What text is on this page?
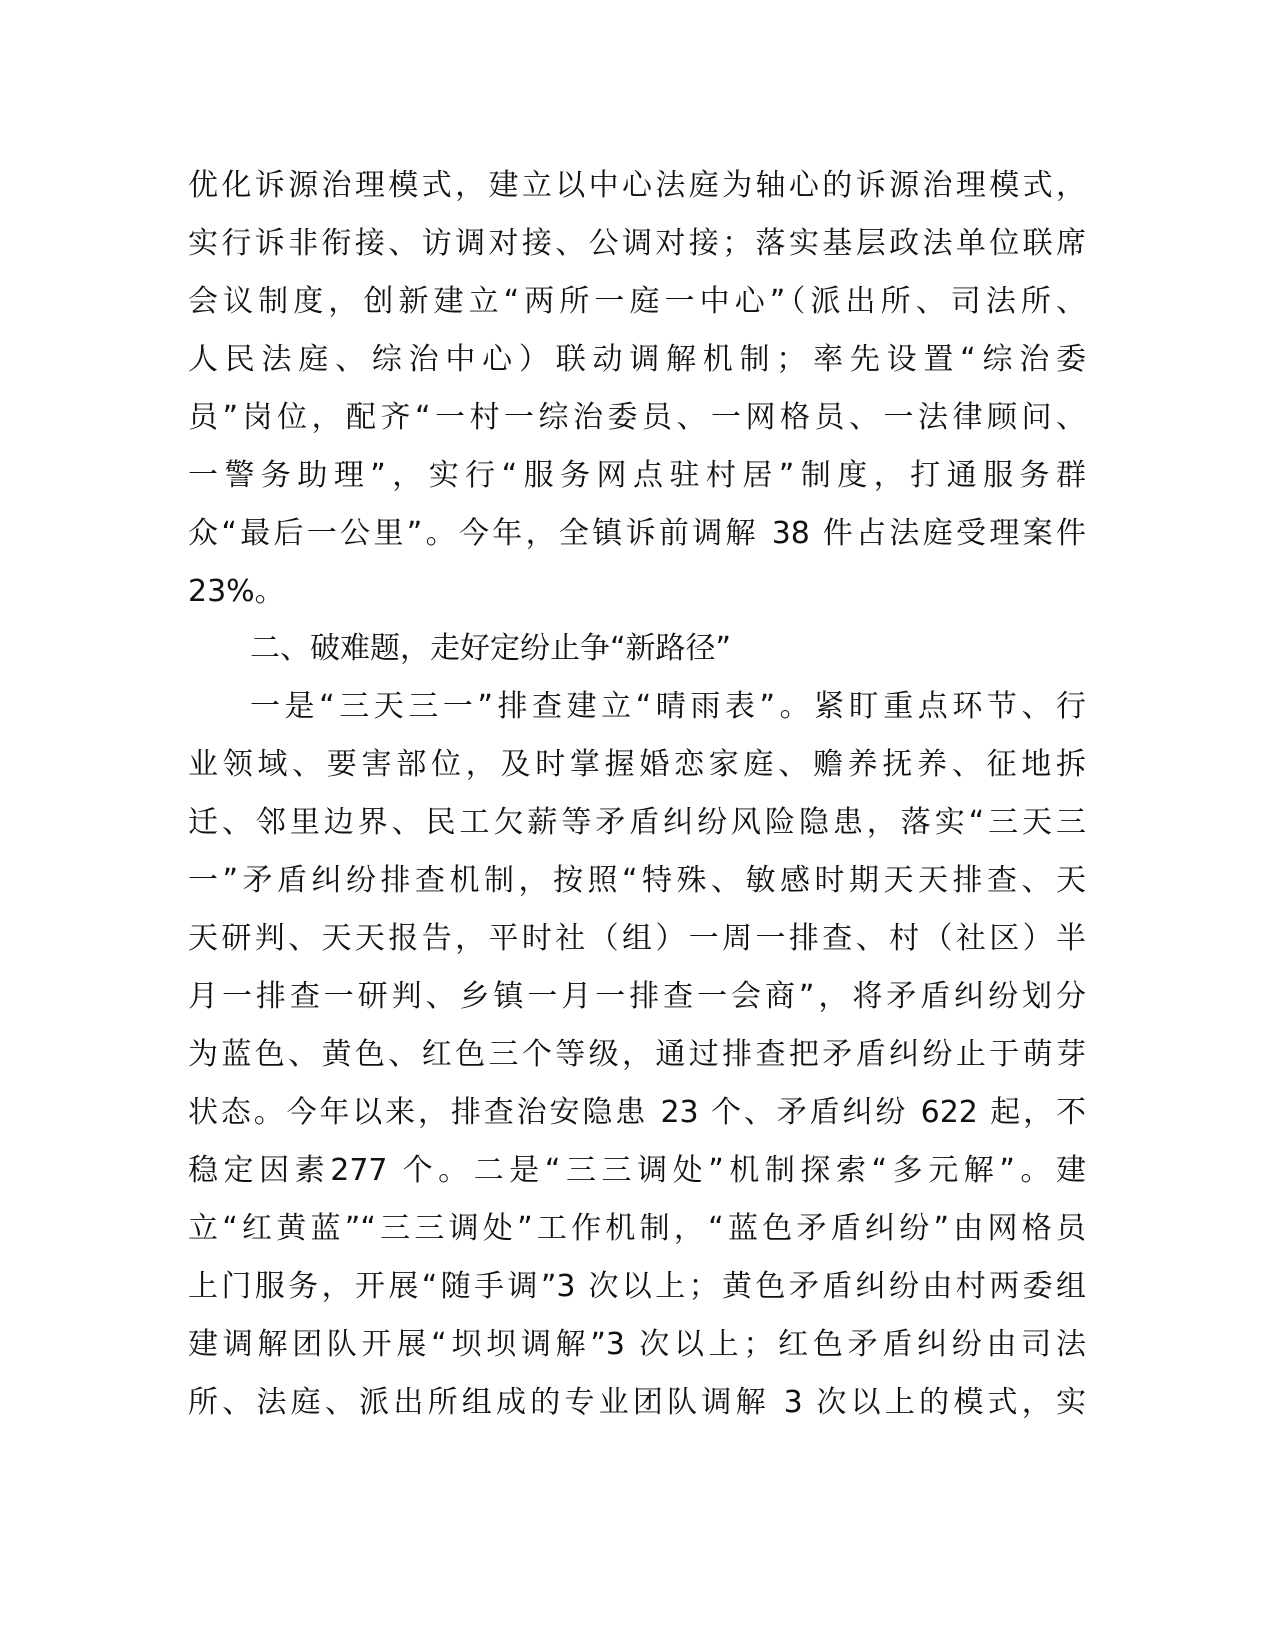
优化诉源治理模式，建立以中心法庭为轴心的诉源治理模式，
实行诉非衔接、访调对接、公调对接；落实基层政法单位联席
会议制度，创新建立“两所一庭一中心”（派出所、司法所、
人民法庭、综治中心）联动调解机制；率先设置“综治委
员”岗位，配齐“一村一综治委员、一网格员、一法律顾问、
一警务助理”，实行“服务网点驻村居”制度，打通服务群
众“最后一公里”。今年，全镇诉前调解 38 件占法庭受理案件
23%。
二、破难题，走好定纷止争“新路径”
一是“三天三一”排查建立“晴雨表”。紧盯重点环节、行
业领域、要害部位，及时掌握婚恋家庭、赡养抚养、征地拆
迁、邻里边界、民工欠薪等矛盾纠纷风险隐患，落实“三天三
一”矛盾纠纷排查机制，按照“特殊、敏感时期天天排查、天
天研判、天天报告，平时社（组）一周一排查、村（社区）半
月一排查一研判、乡镇一月一排查一会商”，将矛盾纠纷划分
为蓝色、黄色、红色三个等级，通过排查把矛盾纠纷止于萌芽
状态。今年以来，排查治安隐患 23 个、矛盾纠纷 622 起，不
稳定因素277 个。二是“三三调处”机制探索“多元解”。建
立“红黄蓝”“三三调处”工作机制，“蓝色矛盾纠纷”由网格员
上门服务，开展“随手调”3 次以上；黄色矛盾纠纷由村两委组
建调解团队开展“坝坝调解”3 次以上；红色矛盾纠纷由司法
所、法庭、派出所组成的专业团队调解 3 次以上的模式，实
